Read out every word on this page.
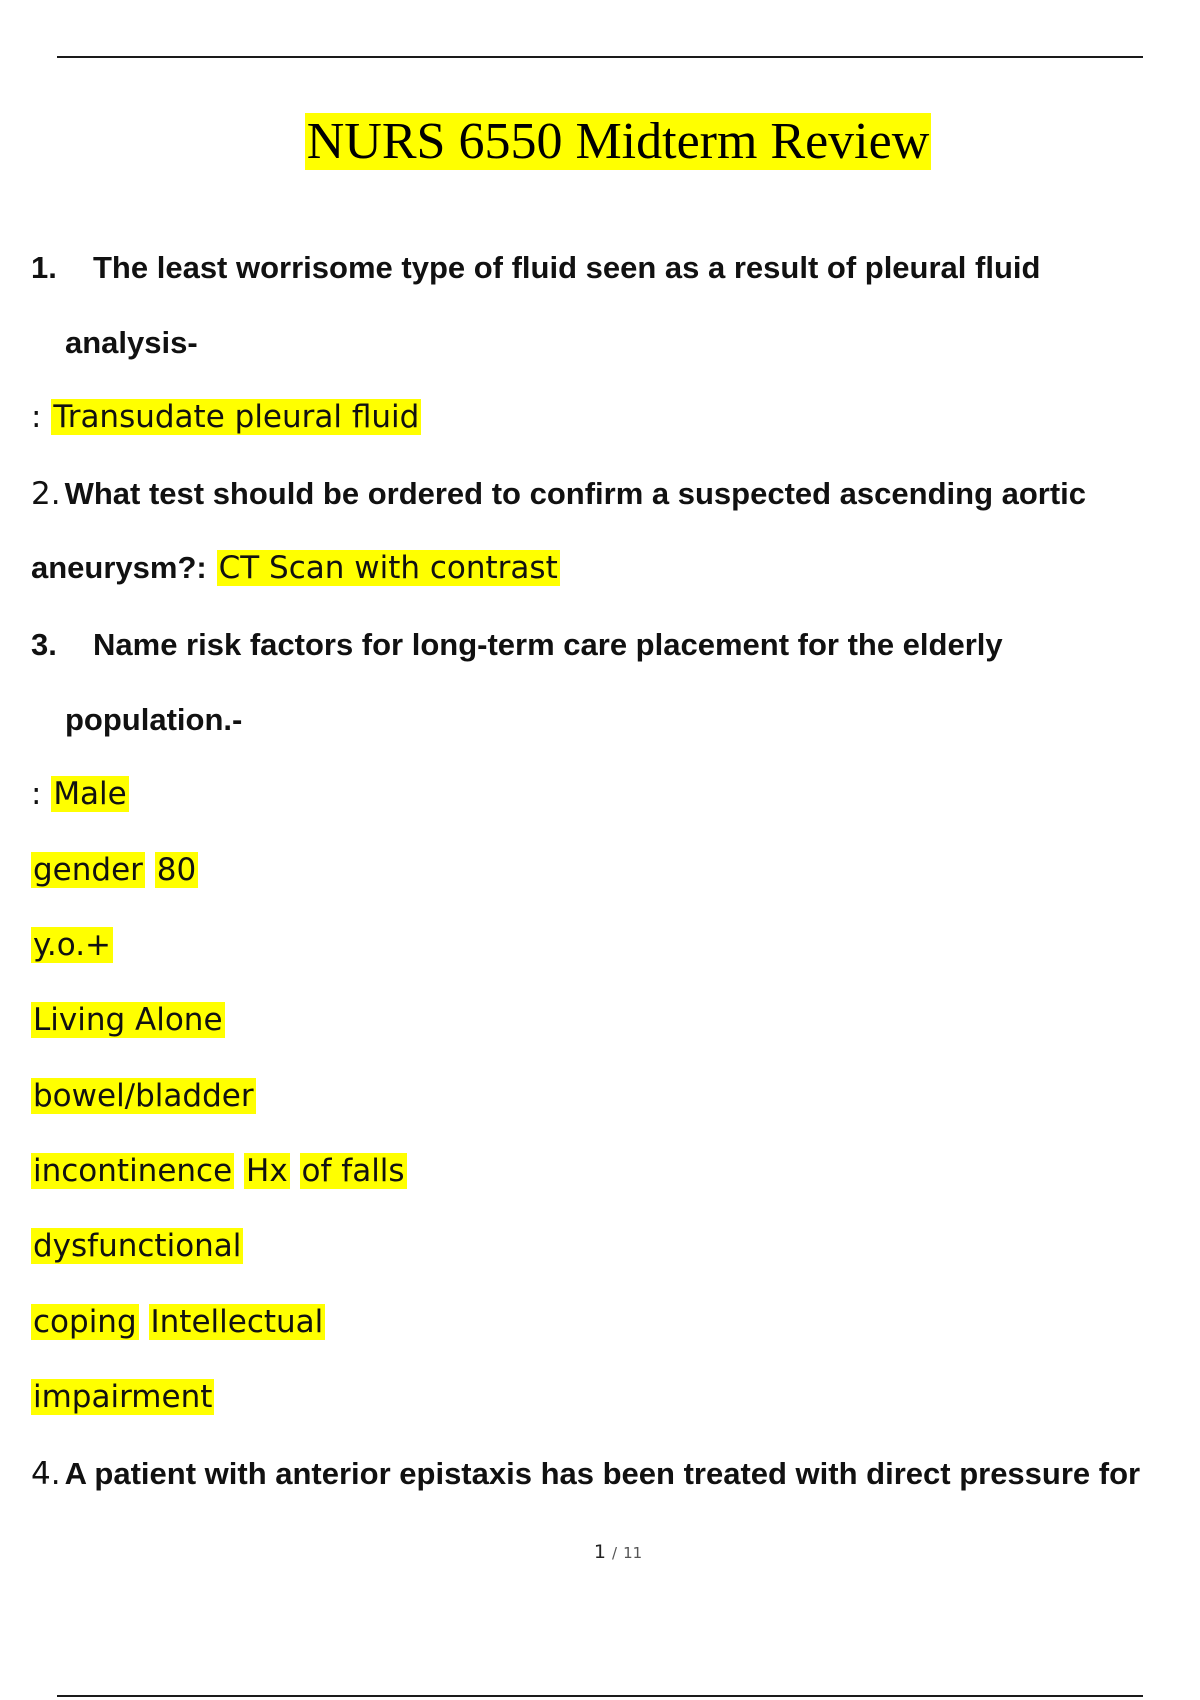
NURS 6550 Midterm Review
1. The least worrisome type of fluid seen as a result of pleural fluid
analysis-
: Transudate pleural fluid
2. What test should be ordered to confirm a suspected ascending aortic
aneurysm?: CT Scan with contrast
3. Name risk factors for long-term care placement for the elderly
population.-
: Male
gender 80
y.o.+
Living Alone
bowel/bladder
incontinence Hx of falls
dysfunctional
coping Intellectual
impairment
4. A patient with anterior epistaxis has been treated with direct pressure for
1 / 11
